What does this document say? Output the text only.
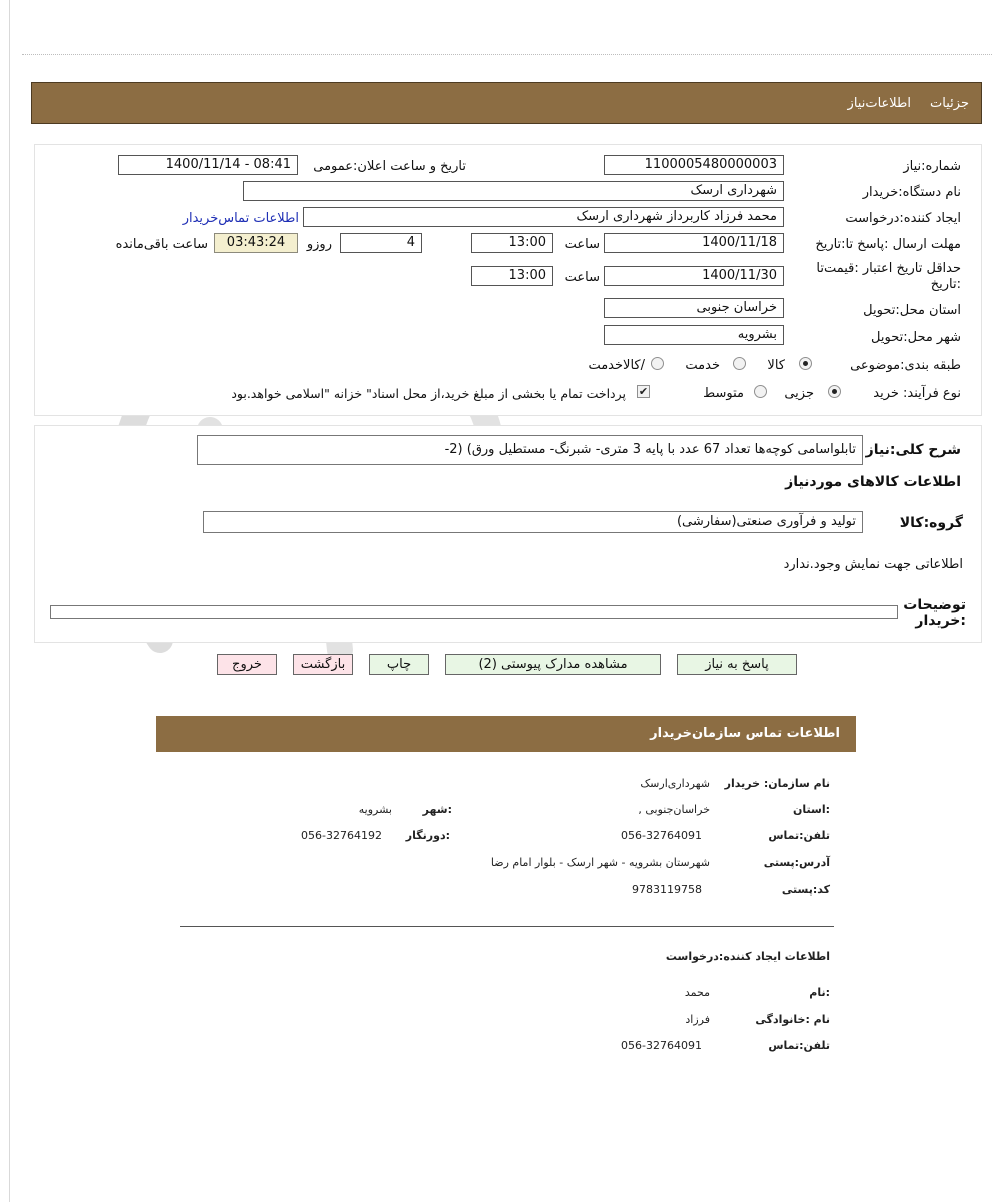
جزئیات
اطلاعات‌نیاز
شماره:نیاز
1100005480000003
تاریخ و ساعت اعلان:عمومی
1400/11/14 - 08:41
نام دستگاه:خریدار
شهرداری ارسک
ایجاد کننده:درخواست
محمد فرزاد کاربرداز شهرداری ارسک
اطلاعات تماس‌خریدار
مهلت ارسال :پاسخ تا:تاریخ
1400/11/18
ساعت
13:00
4
روزو
03:43:24
ساعت باقی‌مانده
حداقل تاریخ اعتبار :قیمت‌تا :تاریخ
1400/11/30
ساعت
13:00
استان محل:تحویل
خراسان جنوبی
شهر محل:تحویل
بشرویه
طبقه بندی:موضوعی
کالا
خدمت
/کالاخدمت
نوع فرآیند: خرید
جزیی
متوسط
✔
پرداخت تمام یا بخشی از مبلغ خرید،از محل اسناد" خزانه "اسلامی خواهد.بود
شرح کلی:نیاز
تابلواسامی کوچه‌ها تعداد 67 عدد با پایه 3 متری- شبرنگ- مستطیل ورق) (2-
اطلاعات کالاهای موردنیاز
گروه:کالا
تولید و فرآوری صنعتی(سفارشی)
اطلاعاتی جهت نمایش وجود.ندارد
توضیحات :خریدار
پاسخ به نیاز
مشاهده مدارک پیوستی (2)
چاپ
بازگشت
خروج
اطلاعات تماس سازمان‌خریدار
نام سازمان: خریدار
شهرداری‌ارسک
:استان
خراسان‌جنوبی ,
:شهر
بشرویه
تلفن:تماس
056-32764091
:دورنگار
056-32764192
آدرس:پستی
شهرستان بشرویه - شهر ارسک - بلوار امام رضا
کد:پستی
9783119758
اطلاعات ایجاد کننده:درخواست
:نام
محمد
نام :خانوادگی
فرزاد
تلفن:تماس
056-32764091
